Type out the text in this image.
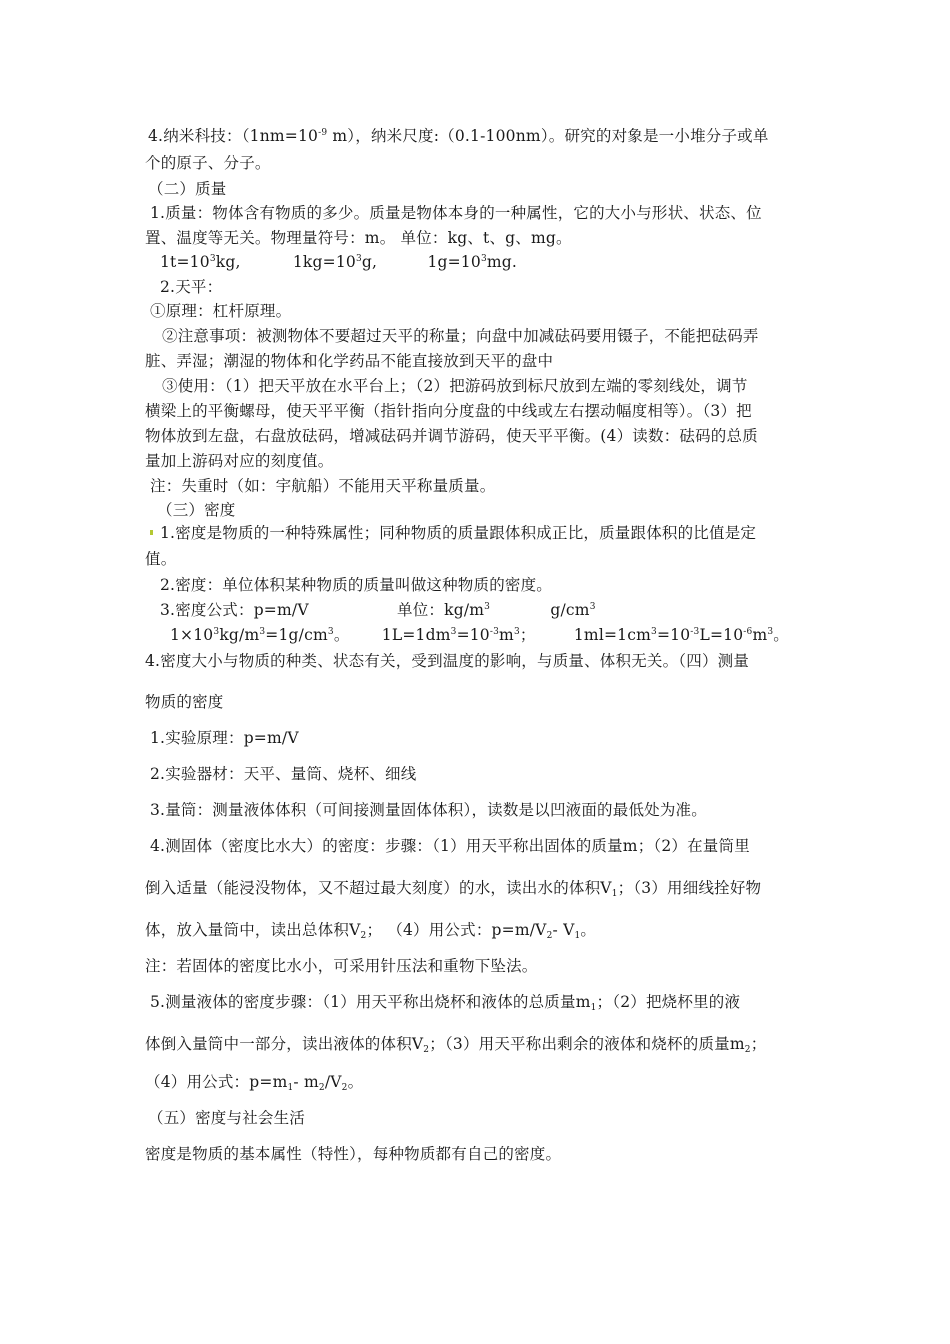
4.纳米科技：（$1nm=10^{-9}$ m），纳米尺度:（0.1-100nm）。研究的对象是一小堆分子或单
个的原子、分子。
（二）质量
1.质量：物体含有物质的多少。质量是物体本身的一种属性，它的大小与形状、状态、位
置、温度等无关。物理量符号：m。 单位：kg、t、g、mg。
$1t=10^3kg$,	$1kg=10^3g$,	$1g=10^3mg$.
2.天平：
①原理：杠杆原理。
②注意事项：被测物体不要超过天平的称量；向盘中加减砝码要用镊子，不能把砝码弄
脏、弄湿；潮湿的物体和化学药品不能直接放到天平的盘中
③使用：（1）把天平放在水平台上；（2）把游码放到标尺放到左端的零刻线处，调节
横梁上的平衡螺母，使天平平衡（指针指向分度盘的中线或左右摆动幅度相等）。（3）把
物体放到左盘，右盘放砝码，增减砝码并调节游码，使天平平衡。(4）读数：砝码的总质
量加上游码对应的刻度值。
注：失重时（如：宇航船）不能用天平称量质量。
（三）密度
1.密度是物质的一种特殊属性；同种物质的质量跟体积成正比，质量跟体积的比值是定
值。
2.密度：单位体积某种物质的质量叫做这种物质的密度。
3.密度公式：p=m/V	单位：$kg/m^3$	$g/cm^3$
$1\times 10^3kg/m^3=1g/cm^3$。 $1L=1dm^3=10^{-3}m^3$； $1ml=1cm^3=10^{-3}L=10^{-6}m^3$。
4.密度大小与物质的种类、状态有关，受到温度的影响，与质量、体积无关。（四）测量
物质的密度
1.实验原理：p=m/V
2.实验器材：天平、量筒、烧杯、细线
3.量筒：测量液体体积（可间接测量固体体积），读数是以凹液面的最低处为准。
4.测固体（密度比水大）的密度：步骤：（1）用天平称出固体的质量m；（2）在量筒里
倒入适量（能浸没物体，又不超过最大刻度）的水，读出水的体积$V_1$；（3）用细线拴好物
体，放入量筒中，读出总体积$V_2$； （4）用公式：$p=m/V_2-$ $V_1$。
注：若固体的密度比水小，可采用针压法和重物下坠法。
5.测量液体的密度步骤：（1）用天平称出烧杯和液体的总质量$m_1$；（2）把烧杯里的液
体倒入量筒中一部分，读出液体的体积$V_2$；（3）用天平称出剩余的液体和烧杯的质量$m_2$；
（4）用公式：$p=m_1-$ $m_2/V_2$。
（五）密度与社会生活
密度是物质的基本属性（特性），每种物质都有自己的密度。
